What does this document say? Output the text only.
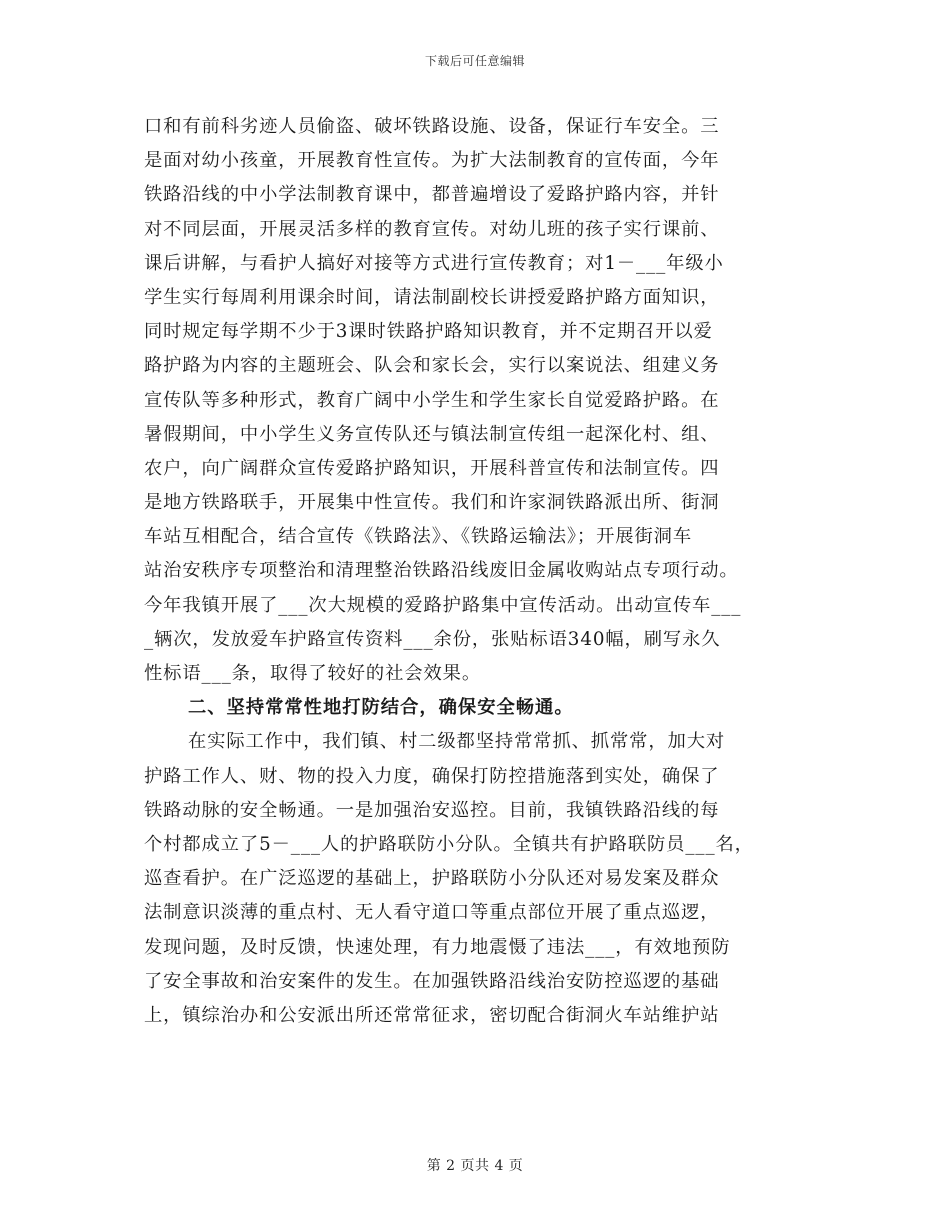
下载后可任意编辑
口和有前科劣迹人员偷盗、破坏铁路设施、设备，保证行车安全。三
是面对幼小孩童，开展教育性宣传。为扩大法制教育的宣传面，今年
铁路沿线的中小学法制教育课中，都普遍增设了爱路护路内容，并针
对不同层面，开展灵活多样的教育宣传。对幼儿班的孩子实行课前、
课后讲解，与看护人搞好对接等方式进行宣传教育；对1－___年级小
学生实行每周利用课余时间，请法制副校长讲授爱路护路方面知识，
同时规定每学期不少于3课时铁路护路知识教育，并不定期召开以爱
路护路为内容的主题班会、队会和家长会，实行以案说法、组建义务
宣传队等多种形式，教育广阔中小学生和学生家长自觉爱路护路。在
暑假期间，中小学生义务宣传队还与镇法制宣传组一起深化村、组、
农户，向广阔群众宣传爱路护路知识，开展科普宣传和法制宣传。四
是地方铁路联手，开展集中性宣传。我们和许家洞铁路派出所、街洞
车站互相配合，结合宣传《铁路法》、《铁路运输法》；开展街洞车
站治安秩序专项整治和清理整治铁路沿线废旧金属收购站点专项行动。
今年我镇开展了___次大规模的爱路护路集中宣传活动。出动宣传车___
_辆次，发放爱车护路宣传资料___余份，张贴标语340幅，刷写永久
性标语___条，取得了较好的社会效果。
二、坚持常常性地打防结合，确保安全畅通。
在实际工作中，我们镇、村二级都坚持常常抓、抓常常，加大对
护路工作人、财、物的投入力度，确保打防控措施落到实处，确保了
铁路动脉的安全畅通。一是加强治安巡控。目前，我镇铁路沿线的每
个村都成立了5－___人的护路联防小分队。全镇共有护路联防员___名，
巡查看护。在广泛巡逻的基础上，护路联防小分队还对易发案及群众
法制意识淡薄的重点村、无人看守道口等重点部位开展了重点巡逻，
发现问题，及时反馈，快速处理，有力地震慑了违法___，有效地预防
了安全事故和治安案件的发生。在加强铁路沿线治安防控巡逻的基础
上，镇综治办和公安派出所还常常征求，密切配合街洞火车站维护站
第 2 页共 4 页
